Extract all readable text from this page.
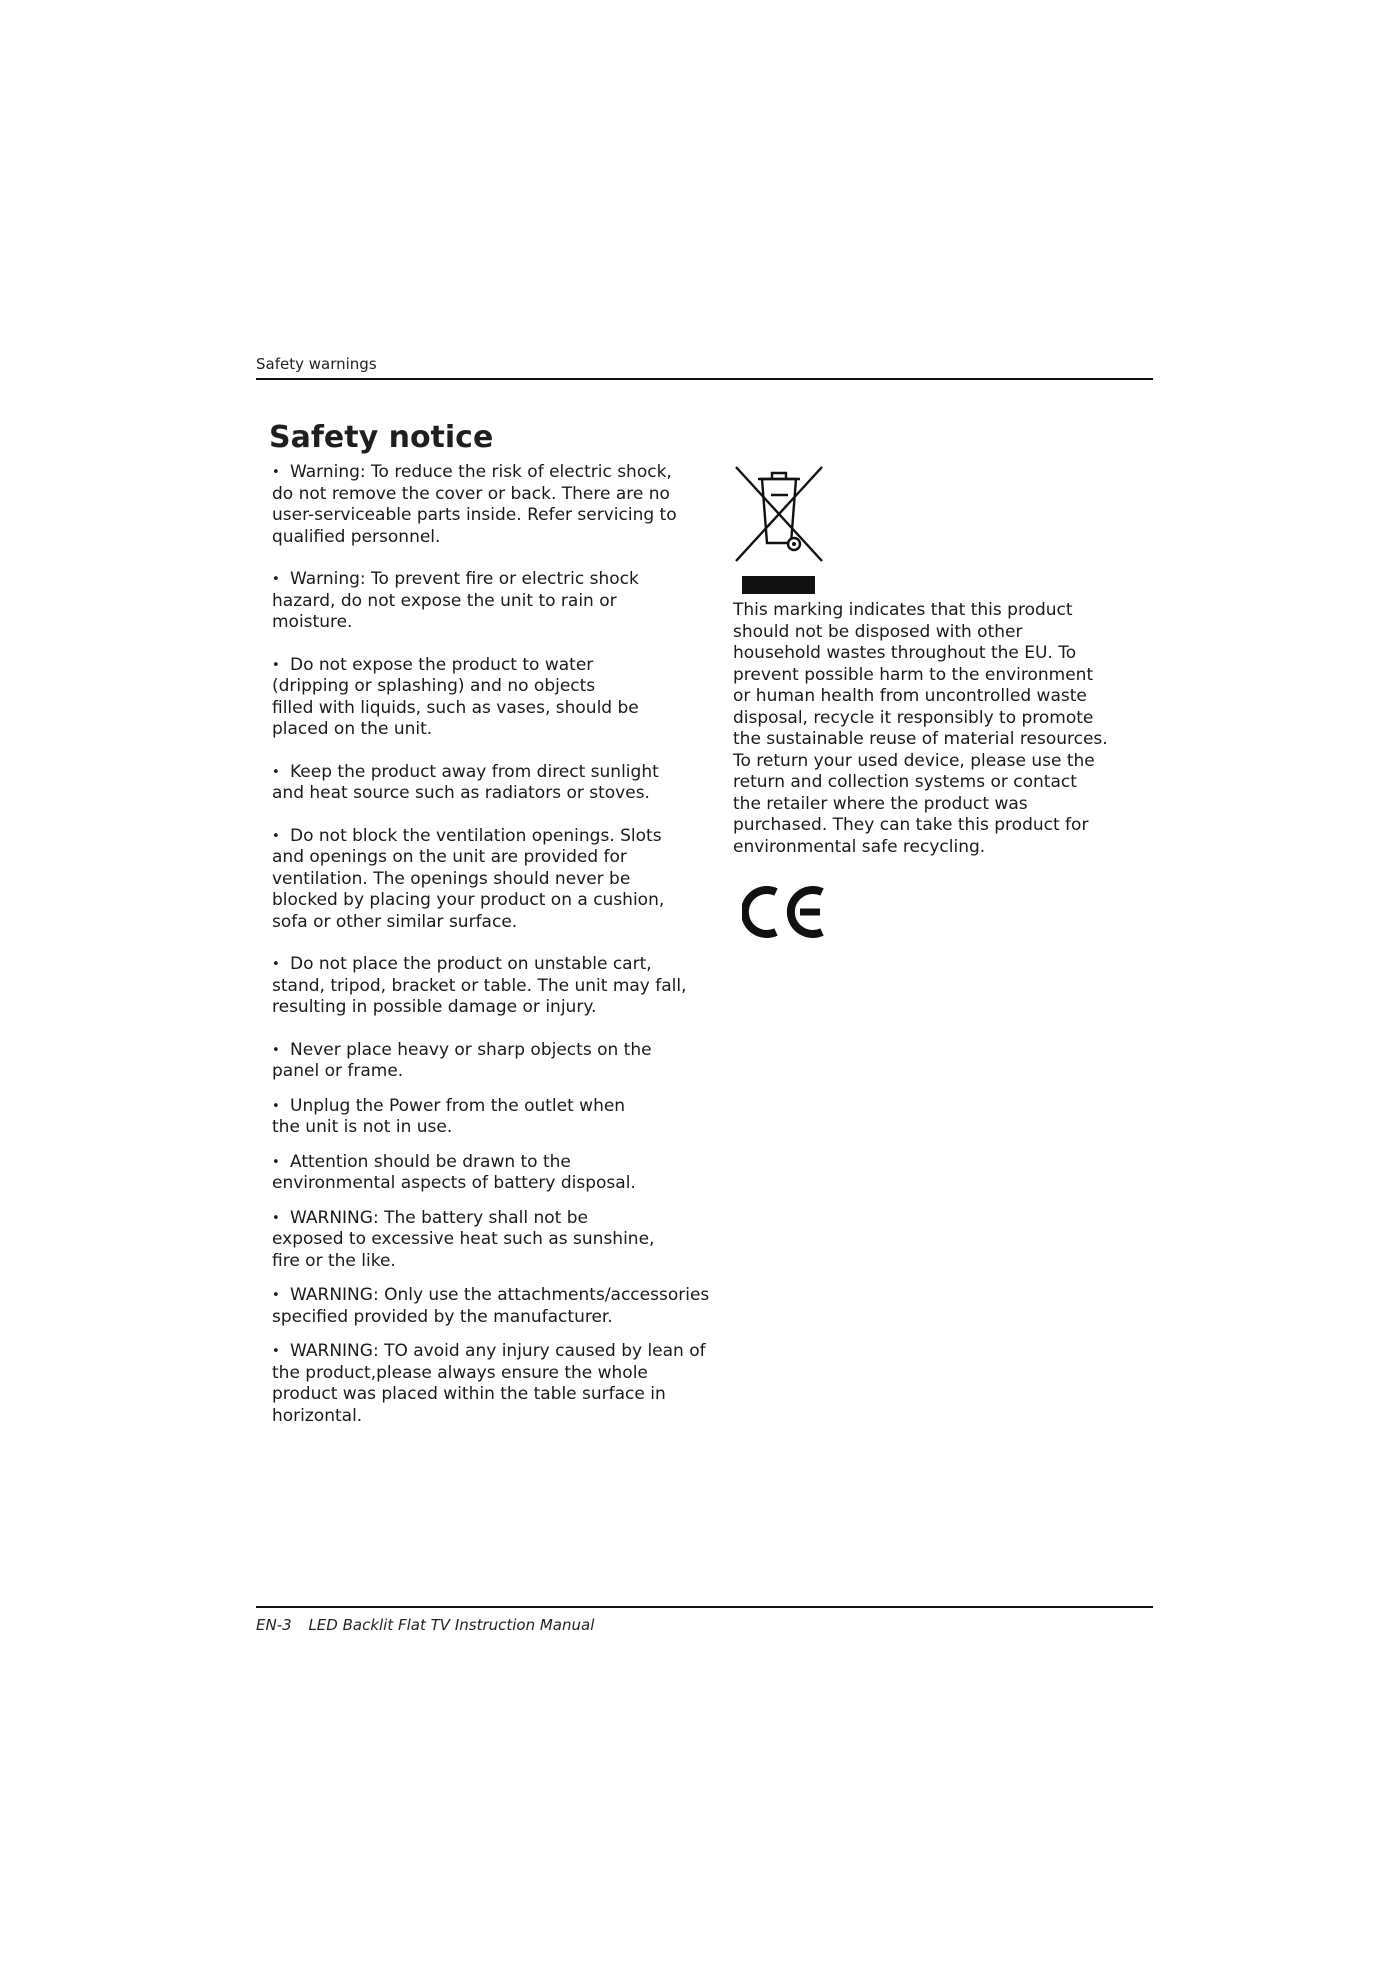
Safety warnings
Safety notice

• Warning: To reduce the risk of electric shock,
do not remove the cover or back. There are no
user-serviceable parts inside. Refer servicing to
qualified personnel.

• Warning: To prevent fire or electric shock
hazard, do not expose the unit to rain or
moisture.

• Do not expose the product to water
(dripping or splashing) and no objects
filled with liquids, such as vases, should be
placed on the unit.

• Keep the product away from direct sunlight
and heat source such as radiators or stoves.

• Do not block the ventilation openings. Slots
and openings on the unit are provided for
ventilation. The openings should never be
blocked by placing your product on a cushion,
sofa or other similar surface.

• Do not place the product on unstable cart,
stand, tripod, bracket or table. The unit may fall,
resulting in possible damage or injury.

• Never place heavy or sharp objects on the
panel or frame.

• Unplug the Power from the outlet when
the unit is not in use.

• Attention should be drawn to the
environmental aspects of battery disposal.

• WARNING: The battery shall not be
exposed to excessive heat such as sunshine,
fire or the like.

• WARNING: Only use the attachments/accessories
specified provided by the manufacturer.

• WARNING: TO avoid any injury caused by lean of
the product,please always ensure the whole
product was placed within the table surface in
horizontal.

This marking indicates that this product
should not be disposed with other
household wastes throughout the EU. To
prevent possible harm to the environment
or human health from uncontrolled waste
disposal, recycle it responsibly to promote
the sustainable reuse of material resources.
To return your used device, please use the
return and collection systems or contact
the retailer where the product was
purchased. They can take this product for
environmental safe recycling.

EN-3 LED Backlit Flat TV Instruction Manual
